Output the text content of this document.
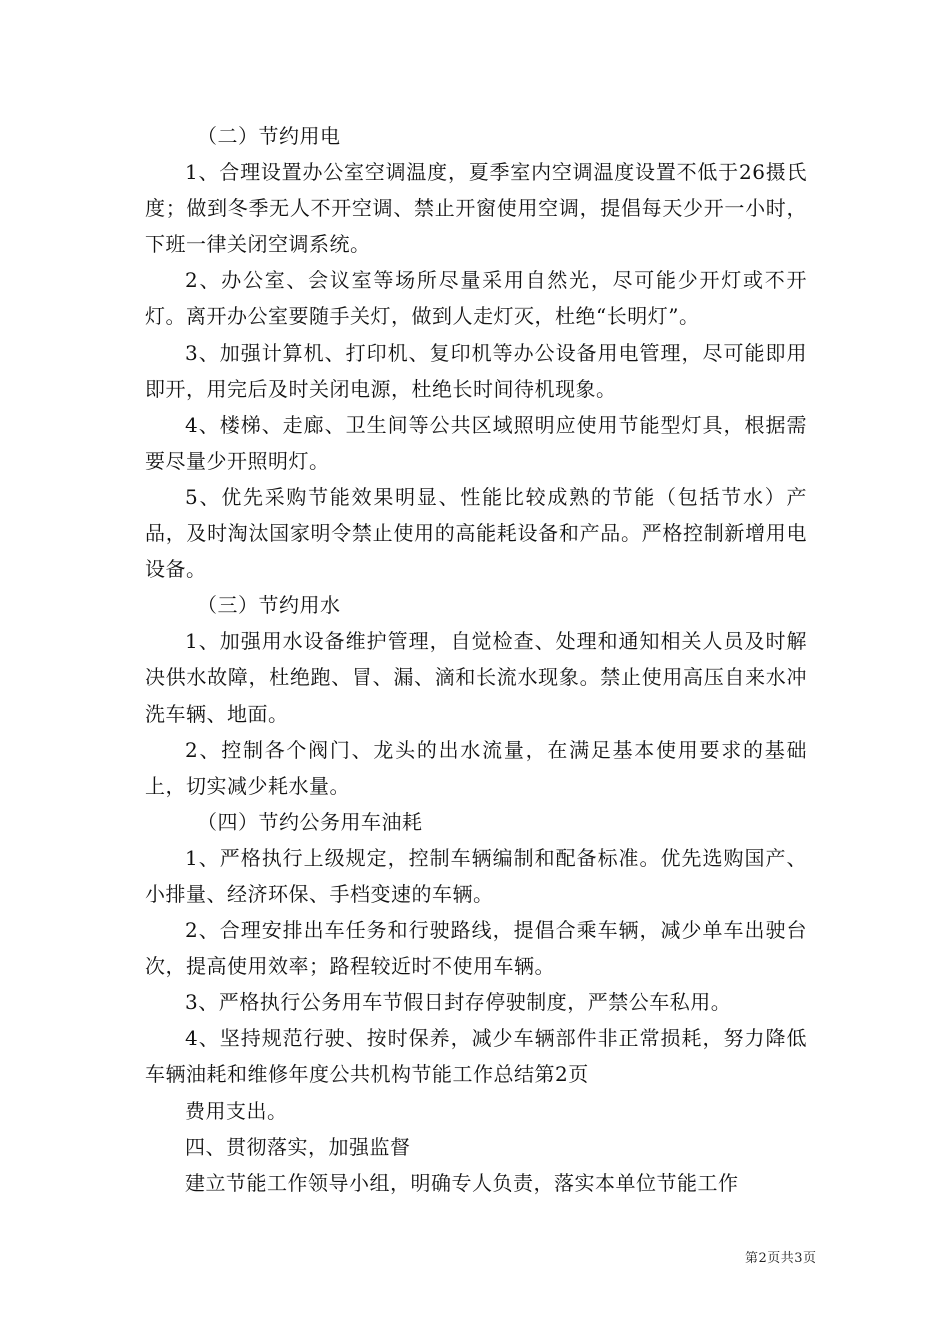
（二）节约用电

1、合理设置办公室空调温度，夏季室内空调温度设置不低于26摄氏度；做到冬季无人不开空调、禁止开窗使用空调，提倡每天少开一小时，下班一律关闭空调系统。

2、办公室、会议室等场所尽量采用自然光，尽可能少开灯或不开灯。离开办公室要随手关灯，做到人走灯灭，杜绝“长明灯”。

3、加强计算机、打印机、复印机等办公设备用电管理，尽可能即用即开，用完后及时关闭电源，杜绝长时间待机现象。

4、楼梯、走廊、卫生间等公共区域照明应使用节能型灯具，根据需要尽量少开照明灯。

5、优先采购节能效果明显、性能比较成熟的节能（包括节水）产品，及时淘汰国家明令禁止使用的高能耗设备和产品。严格控制新增用电设备。

（三）节约用水

1、加强用水设备维护管理，自觉检查、处理和通知相关人员及时解决供水故障，杜绝跑、冒、漏、滴和长流水现象。禁止使用高压自来水冲洗车辆、地面。

2、控制各个阀门、龙头的出水流量，在满足基本使用要求的基础上，切实减少耗水量。

（四）节约公务用车油耗

1、严格执行上级规定，控制车辆编制和配备标准。优先选购国产、小排量、经济环保、手档变速的车辆。

2、合理安排出车任务和行驶路线，提倡合乘车辆，减少单车出驶台次，提高使用效率；路程较近时不使用车辆。

3、严格执行公务用车节假日封存停驶制度，严禁公车私用。

4、坚持规范行驶、按时保养，减少车辆部件非正常损耗，努力降低车辆油耗和维修年度公共机构节能工作总结第2页

费用支出。

四、贯彻落实，加强监督

建立节能工作领导小组，明确专人负责，落实本单位节能工作

第2页共3页
